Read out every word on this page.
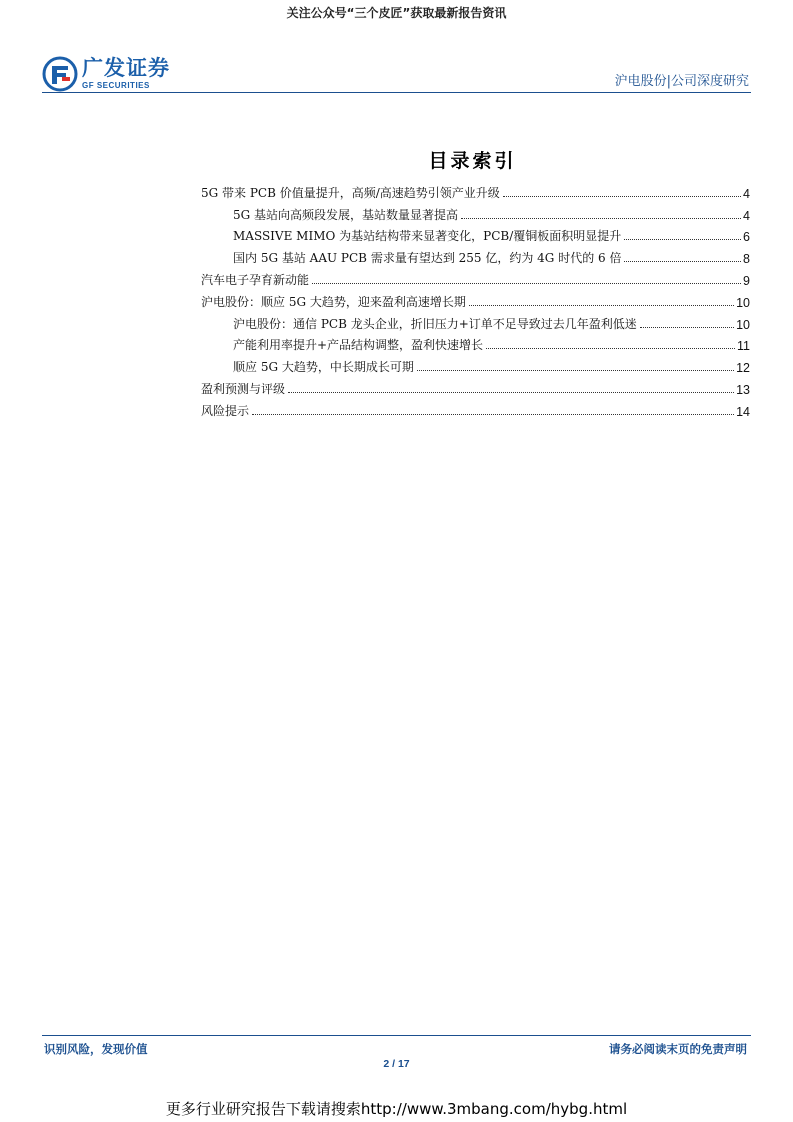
关注公众号“三个皮匠”获取最新报告资讯
广发证券
GF SECURITIES	沪电股份|公司深度研究
目录索引
5G 带来 PCB 价值量提升，高频/高速趋势引领产业升级	4
5G 基站向高频段发展，基站数量显著提高	4
MASSIVE MIMO 为基站结构带来显著变化，PCB/覆铜板面积明显提升	6
国内 5G 基站 AAU PCB 需求量有望达到 255 亿，约为 4G 时代的 6 倍	8
汽车电子孕育新动能	9
沪电股份：顺应 5G 大趋势，迎来盈利高速增长期	10
沪电股份：通信 PCB 龙头企业，折旧压力+订单不足导致过去几年盈利低迷	10
产能利用率提升+产品结构调整，盈利快速增长	11
顺应 5G 大趋势，中长期成长可期	12
盈利预测与评级	13
风险提示	14
识别风险，发现价值	请务必阅读末页的免责声明
2 / 17
更多行业研究报告下载请搜索http://www.3mbang.com/hybg.html
